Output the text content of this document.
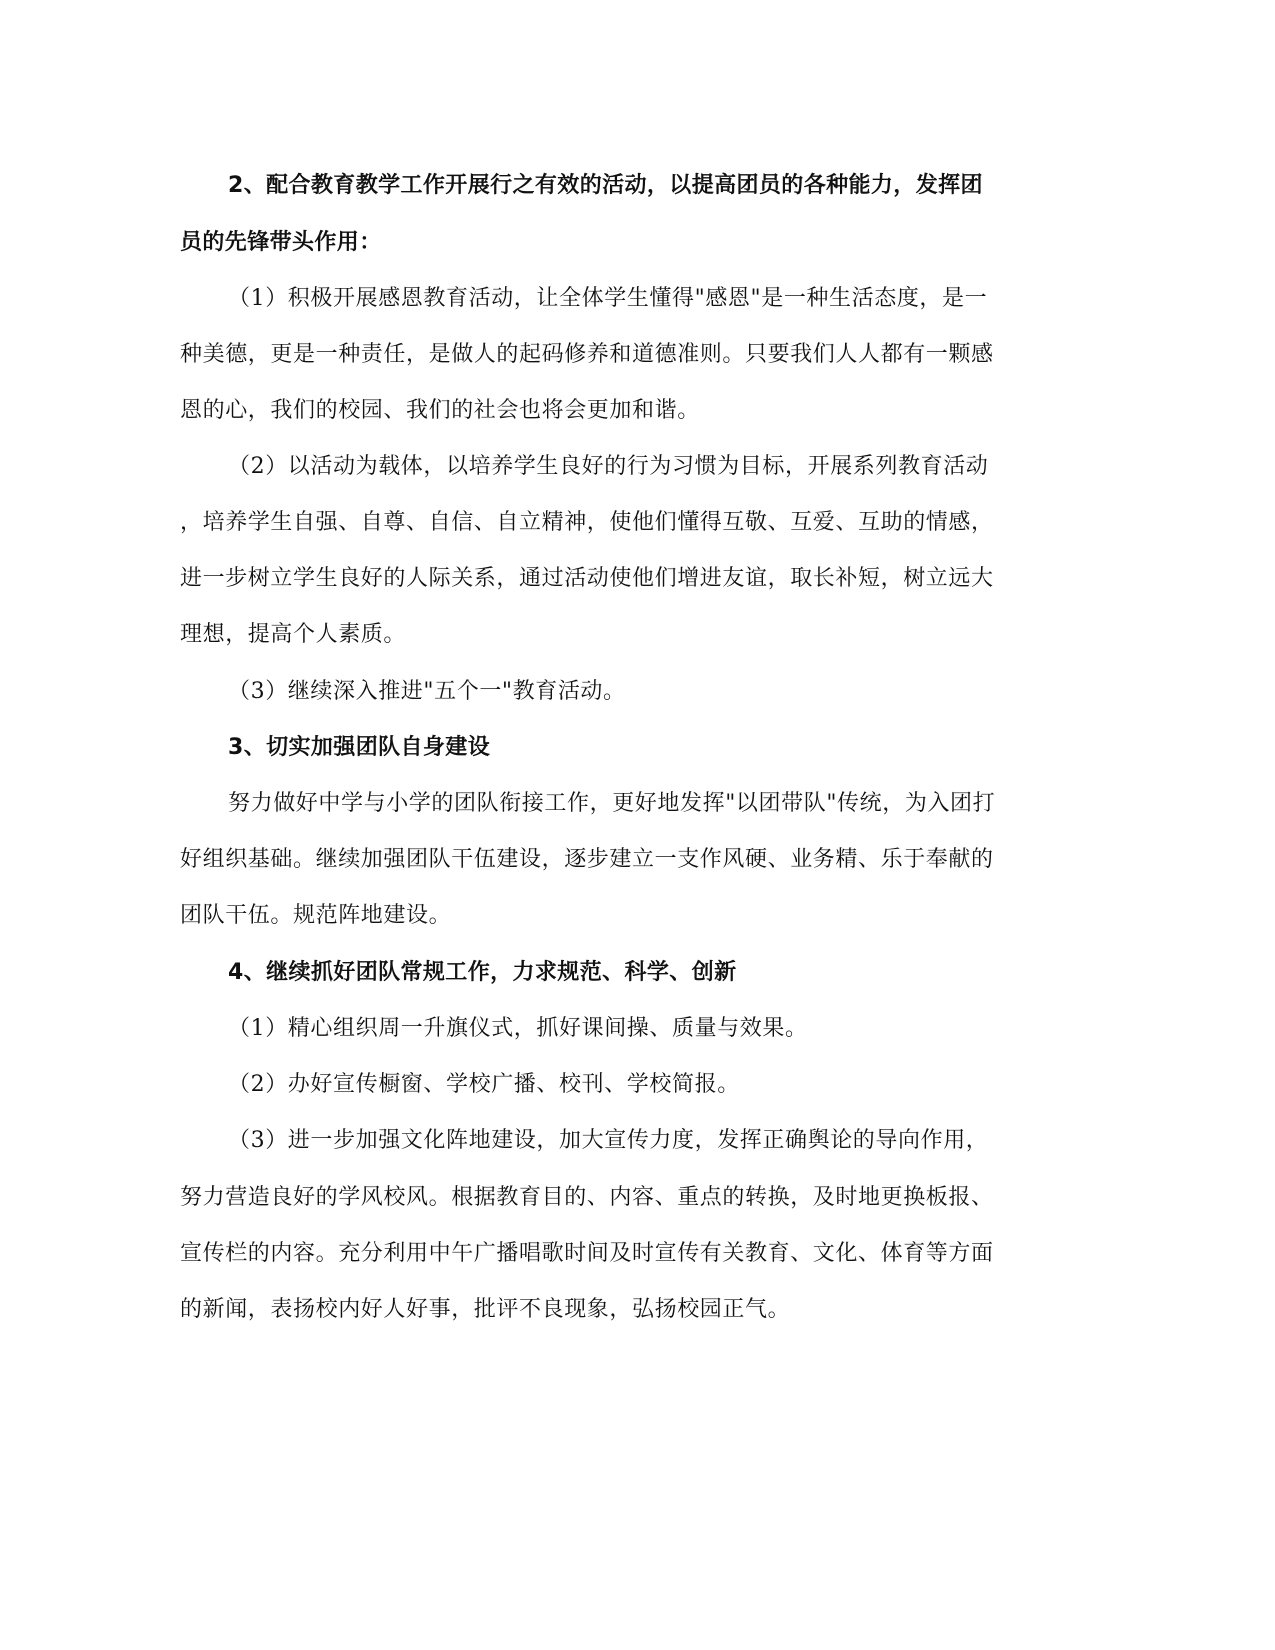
2、配合教育教学工作开展行之有效的活动，以提高团员的各种能力，发挥团
员的先锋带头作用：
（1）积极开展感恩教育活动，让全体学生懂得"感恩"是一种生活态度，是一
种美德，更是一种责任，是做人的起码修养和道德准则。只要我们人人都有一颗感
恩的心，我们的校园、我们的社会也将会更加和谐。
（2）以活动为载体，以培养学生良好的行为习惯为目标，开展系列教育活动
，培养学生自强、自尊、自信、自立精神，使他们懂得互敬、互爱、互助的情感，
进一步树立学生良好的人际关系，通过活动使他们增进友谊，取长补短，树立远大
理想，提高个人素质。
（3）继续深入推进"五个一"教育活动。
3、切实加强团队自身建设
努力做好中学与小学的团队衔接工作，更好地发挥"以团带队"传统，为入团打
好组织基础。继续加强团队干伍建设，逐步建立一支作风硬、业务精、乐于奉献的
团队干伍。规范阵地建设。
4、继续抓好团队常规工作，力求规范、科学、创新
（1）精心组织周一升旗仪式，抓好课间操、质量与效果。
（2）办好宣传橱窗、学校广播、校刊、学校简报。
（3）进一步加强文化阵地建设，加大宣传力度，发挥正确舆论的导向作用，
努力营造良好的学风校风。根据教育目的、内容、重点的转换，及时地更换板报、
宣传栏的内容。充分利用中午广播唱歌时间及时宣传有关教育、文化、体育等方面
的新闻，表扬校内好人好事，批评不良现象，弘扬校园正气。
